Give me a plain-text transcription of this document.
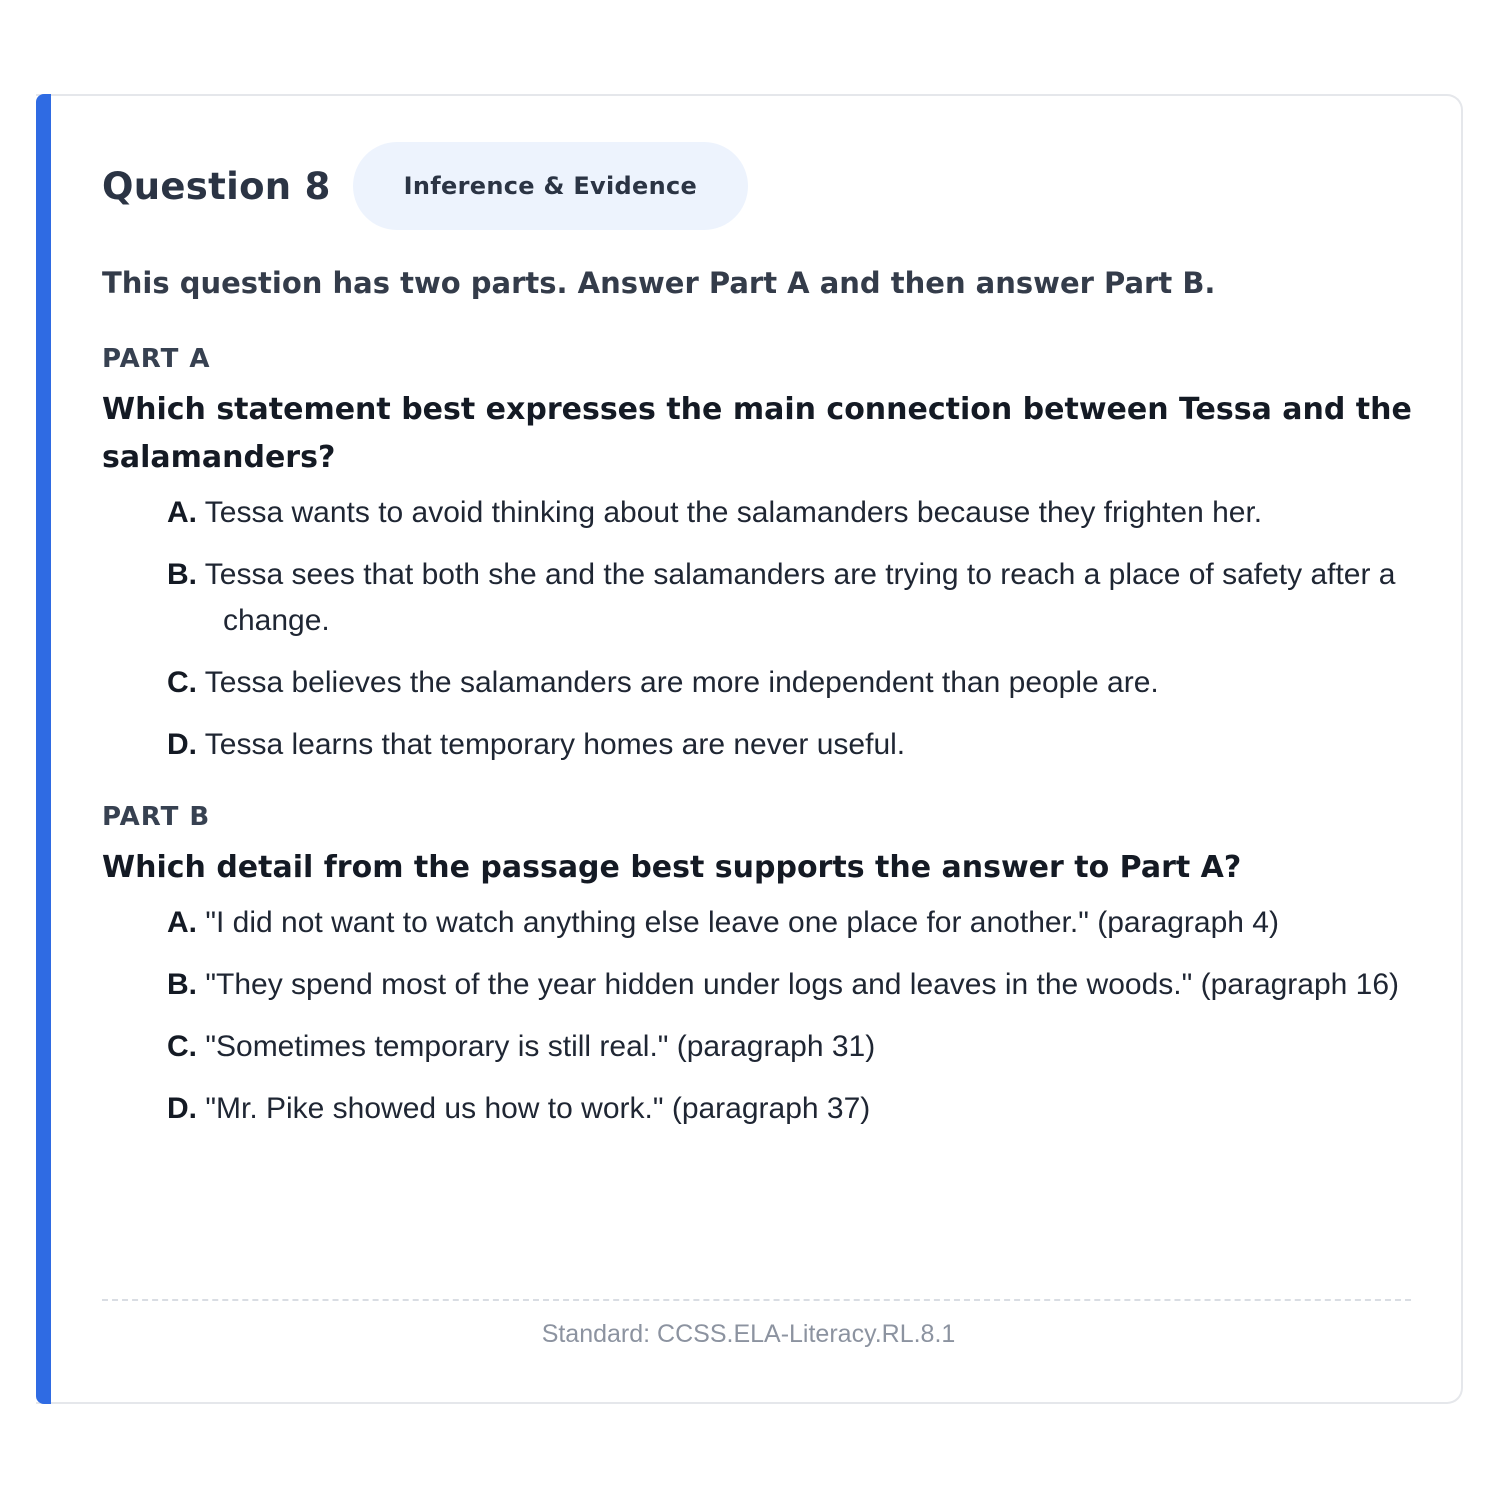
Question 8	Inference & Evidence

This question has two parts. Answer Part A and then answer Part B.

PART A

Which statement best expresses the main connection between Tessa and the salamanders?

A. Tessa wants to avoid thinking about the salamanders because they frighten her.
B. Tessa sees that both she and the salamanders are trying to reach a place of safety after a change.
C. Tessa believes the salamanders are more independent than people are.
D. Tessa learns that temporary homes are never useful.
PART B

Which detail from the passage best supports the answer to Part A?

A. "I did not want to watch anything else leave one place for another." (paragraph 4)
B. "They spend most of the year hidden under logs and leaves in the woods." (paragraph 16)
C. "Sometimes temporary is still real." (paragraph 31)
D. "Mr. Pike showed us how to work." (paragraph 37)
Standard: CCSS.ELA-Literacy.RL.8.1
